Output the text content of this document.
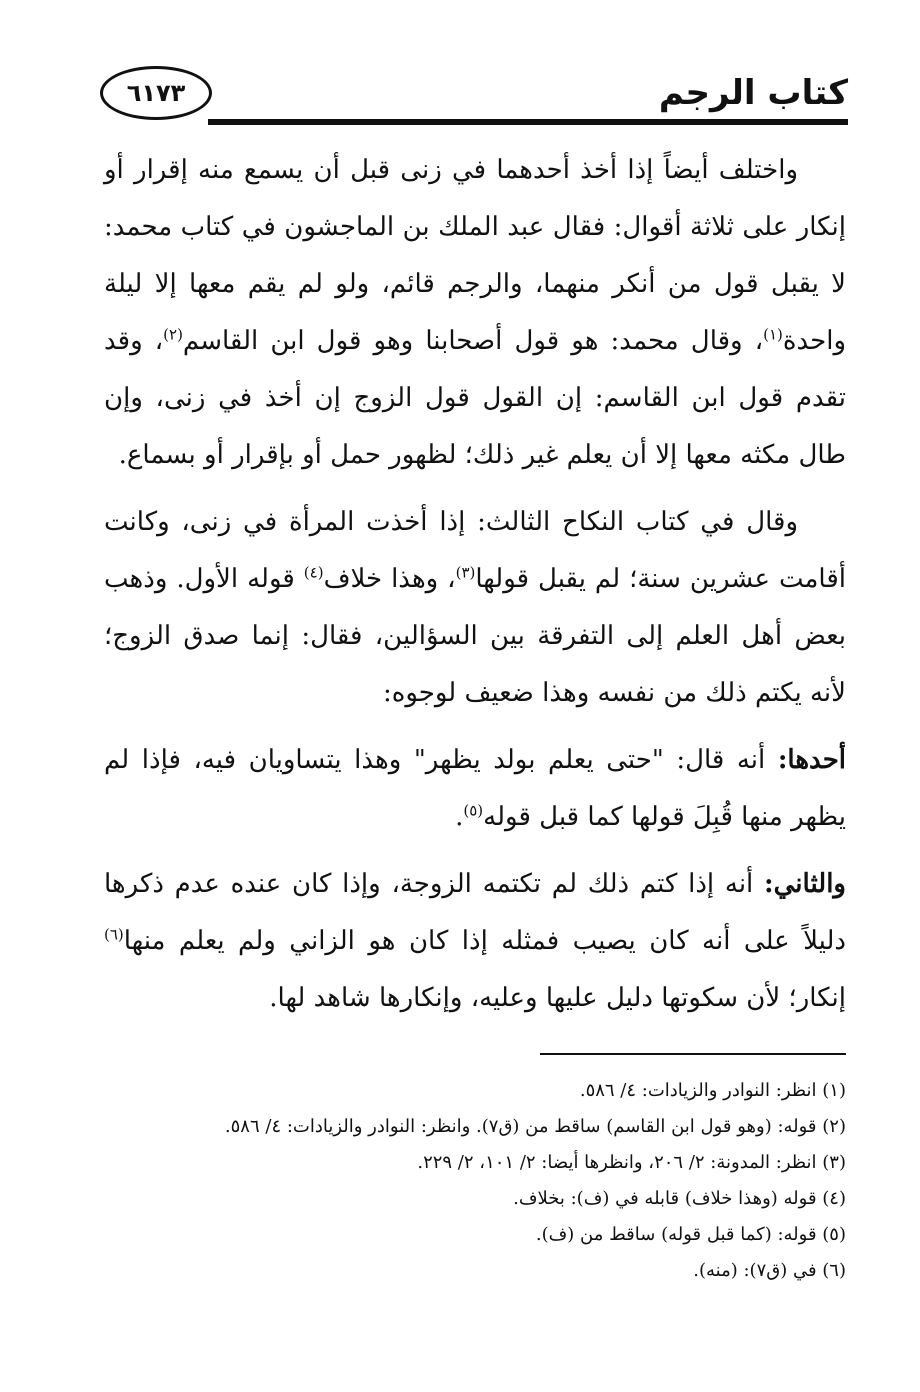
كتاب الرجم
٦١٧٣

واختلف أيضاً إذا أخذ أحدهما في زنى قبل أن يسمع منه إقرار أو إنكار على ثلاثة أقوال: فقال عبد الملك بن الماجشون في كتاب محمد: لا يقبل قول من أنكر منهما، والرجم قائم، ولو لم يقم معها إلا ليلة واحدة$^{(١)}$، وقال محمد: هو قول أصحابنا وهو قول ابن القاسم$^{(٢)}$، وقد تقدم قول ابن القاسم: إن القول قول الزوج إن أخذ في زنى، وإن طال مكثه معها إلا أن يعلم غير ذلك؛ لظهور حمل أو بإقرار أو بسماع.

وقال في كتاب النكاح الثالث: إذا أخذت المرأة في زنى، وكانت أقامت عشرين سنة؛ لم يقبل قولها$^{(٣)}$، وهذا خلاف$^{(٤)}$ قوله الأول. وذهب بعض أهل العلم إلى التفرقة بين السؤالين، فقال: إنما صدق الزوج؛ لأنه يكتم ذلك من نفسه وهذا ضعيف لوجوه:

أحدها: أنه قال: "حتى يعلم بولد يظهر" وهذا يتساويان فيه، فإذا لم يظهر منها قُبِلَ قولها كما قبل قوله$^{(٥)}$.

والثاني: أنه إذا كتم ذلك لم تكتمه الزوجة، وإذا كان عنده عدم ذكرها دليلاً على أنه كان يصيب فمثله إذا كان هو الزاني ولم يعلم منها$^{(٦)}$ إنكار؛ لأن سكوتها دليل عليها وعليه، وإنكارها شاهد لها.

(١) انظر: النوادر والزيادات: ٤/ ٥٨٦.
(٢) قوله: (وهو قول ابن القاسم) ساقط من (ق٧). وانظر: النوادر والزيادات: ٤/ ٥٨٦.
(٣) انظر: المدونة: ٢/ ٢٠٦، وانظرها أيضا: ٢/ ١٠١، ٢/ ٢٢٩.
(٤) قوله (وهذا خلاف) قابله في (ف): بخلاف.
(٥) قوله: (كما قبل قوله) ساقط من (ف).
(٦) في (ق٧): (منه).
